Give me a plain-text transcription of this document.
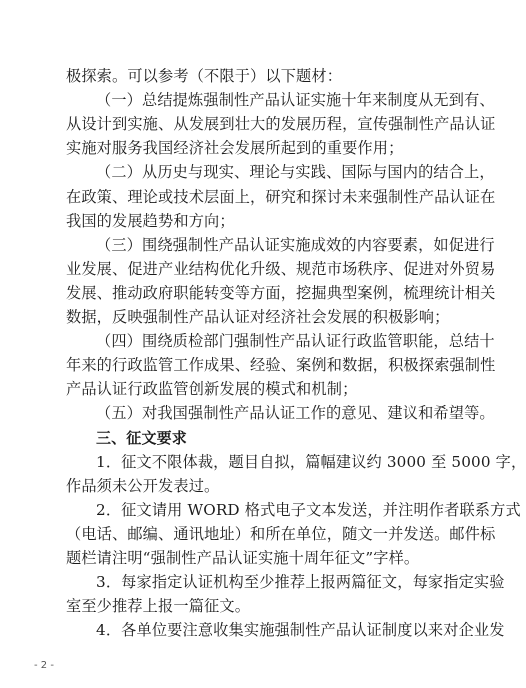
极探索。可以参考（不限于）以下题材：
（一）总结提炼强制性产品认证实施十年来制度从无到有、
从设计到实施、从发展到壮大的发展历程，宣传强制性产品认证
实施对服务我国经济社会发展所起到的重要作用；
（二）从历史与现实、理论与实践、国际与国内的结合上，
在政策、理论或技术层面上，研究和探讨未来强制性产品认证在
我国的发展趋势和方向；
（三）围绕强制性产品认证实施成效的内容要素，如促进行
业发展、促进产业结构优化升级、规范市场秩序、促进对外贸易
发展、推动政府职能转变等方面，挖掘典型案例，梳理统计相关
数据，反映强制性产品认证对经济社会发展的积极影响；
（四）围绕质检部门强制性产品认证行政监管职能，总结十
年来的行政监管工作成果、经验、案例和数据，积极探索强制性
产品认证行政监管创新发展的模式和机制；
（五）对我国强制性产品认证工作的意见、建议和希望等。
三、征文要求
1．征文不限体裁，题目自拟，篇幅建议约 3000 至 5000 字，
作品须未公开发表过。
2．征文请用 WORD 格式电子文本发送，并注明作者联系方式
（电话、邮编、通讯地址）和所在单位，随文一并发送。邮件标
题栏请注明“强制性产品认证实施十周年征文”字样。
3．每家指定认证机构至少推荐上报两篇征文，每家指定实验
室至少推荐上报一篇征文。
4．各单位要注意收集实施强制性产品认证制度以来对企业发
- 2 -
